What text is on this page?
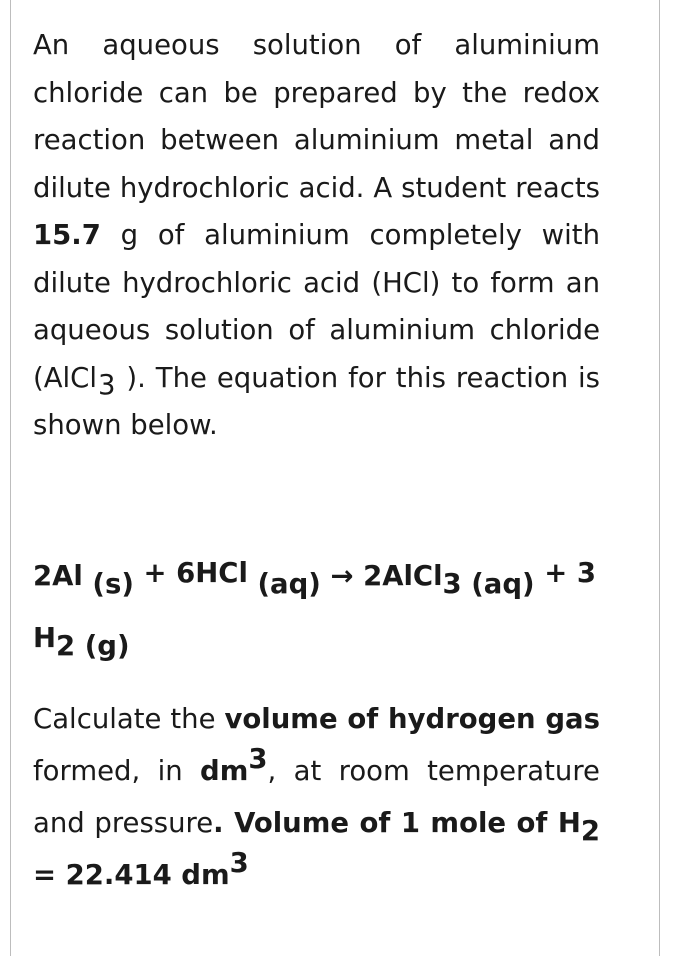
An aqueous solution of aluminium chloride can be prepared by the redox reaction between aluminium metal and dilute hydrochloric acid. A student reacts 15.7 g of aluminium completely with dilute hydrochloric acid (HCl) to form an aqueous solution of aluminium chloride (AlCl3 ). The equation for this reaction is shown below.
2Al (s) + 6HCl (aq) → 2AlCl3 (aq) + 3
H2 (g)
Calculate the volume of hydrogen gas formed, in dm3, at room temperature and pressure. Volume of 1 mole of H2 = 22.414 dm3
